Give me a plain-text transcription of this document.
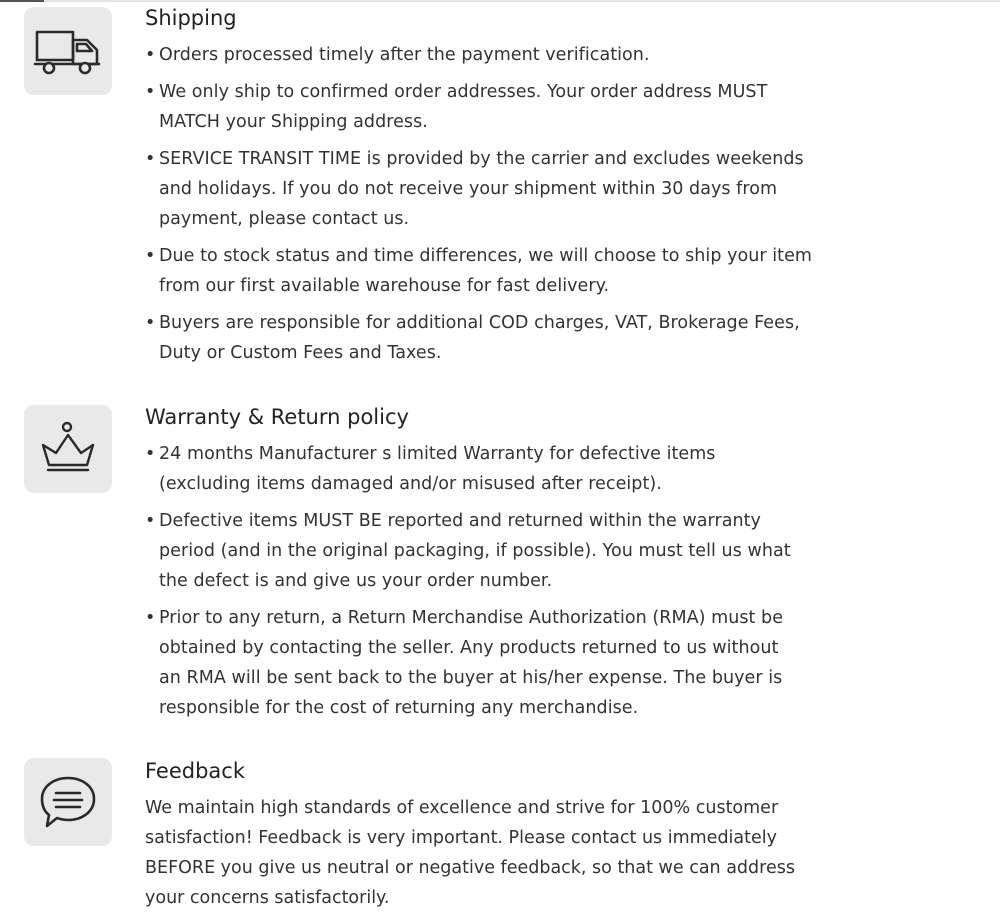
Shipping
• Orders processed timely after the payment verification.
• We only ship to confirmed order addresses. Your order address MUST
MATCH your Shipping address.
• SERVICE TRANSIT TIME is provided by the carrier and excludes weekends
and holidays. If you do not receive your shipment within 30 days from
payment, please contact us.
• Due to stock status and time differences, we will choose to ship your item
from our first available warehouse for fast delivery.
• Buyers are responsible for additional COD charges, VAT, Brokerage Fees,
Duty or Custom Fees and Taxes.
Warranty & Return policy
• 24 months Manufacturer s limited Warranty for defective items
(excluding items damaged and/or misused after receipt).
• Defective items MUST BE reported and returned within the warranty
period (and in the original packaging, if possible). You must tell us what
the defect is and give us your order number.
• Prior to any return, a Return Merchandise Authorization (RMA) must be
obtained by contacting the seller. Any products returned to us without
an RMA will be sent back to the buyer at his/her expense. The buyer is
responsible for the cost of returning any merchandise.
Feedback

We maintain high standards of excellence and strive for 100% customer
satisfaction! Feedback is very important. Please contact us immediately
BEFORE you give us neutral or negative feedback, so that we can address
your concerns satisfactorily.
